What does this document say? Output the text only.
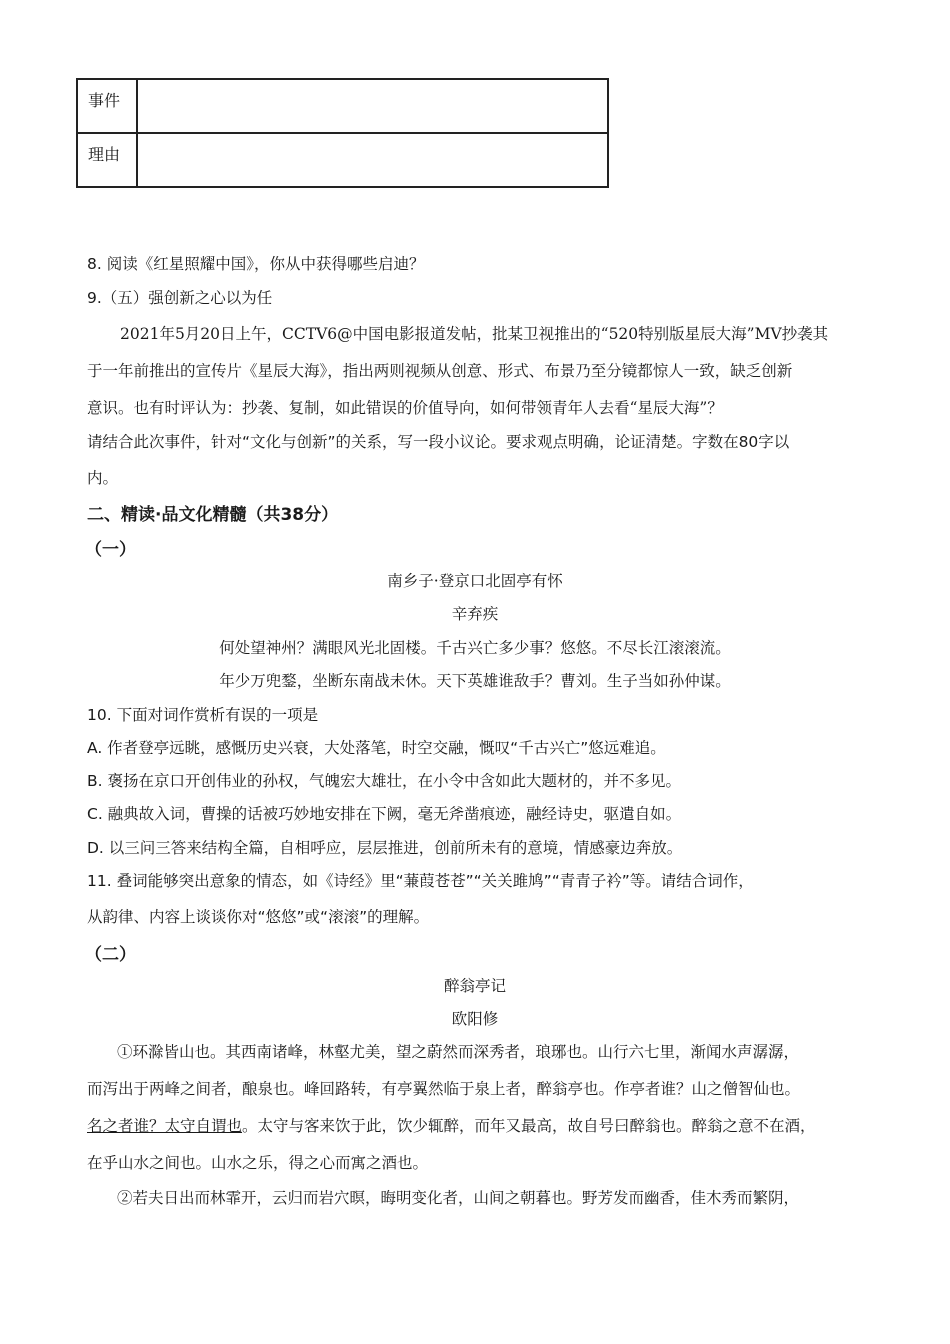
事件	
理由	
8. 阅读《红星照耀中国》，你从中获得哪些启迪？
9.（五）强创新之心以为任
2021年5月20日上午，CCTV6@中国电影报道发帖，批某卫视推出的“520特别版星辰大海”MV抄袭其
于一年前推出的宣传片《星辰大海》，指出两则视频从创意、形式、布景乃至分镜都惊人一致，缺乏创新
意识。也有时评认为：抄袭、复制，如此错误的价值导向，如何带领青年人去看“星辰大海”？
请结合此次事件，针对“文化与创新”的关系，写一段小议论。要求观点明确，论证清楚。字数在80字以
内。
二、精读·品文化精髓（共38分）
（一）
南乡子·登京口北固亭有怀
辛弃疾
何处望神州？满眼风光北固楼。千古兴亡多少事？悠悠。不尽长江滚滚流。
年少万兜鍪，坐断东南战未休。天下英雄谁敌手？曹刘。生子当如孙仲谋。
10. 下面对词作赏析有误的一项是
A. 作者登亭远眺，感慨历史兴衰，大处落笔，时空交融，慨叹“千古兴亡”悠远难追。
B. 褒扬在京口开创伟业的孙权，气魄宏大雄壮，在小令中含如此大题材的，并不多见。
C. 融典故入词，曹操的话被巧妙地安排在下阙，毫无斧凿痕迹，融经诗史，驱遣自如。
D. 以三问三答来结构全篇，自相呼应，层层推进，创前所未有的意境，情感豪边奔放。
11. 叠词能够突出意象的情态，如《诗经》里“蒹葭苍苍”“关关雎鸠”“青青子衿”等。请结合词作，
从韵律、内容上谈谈你对“悠悠”或“滚滚”的理解。
（二）
醉翁亭记
欧阳修
①环滁皆山也。其西南诸峰，林壑尤美，望之蔚然而深秀者，琅琊也。山行六七里，渐闻水声潺潺，
而泻出于两峰之间者，酿泉也。峰回路转，有亭翼然临于泉上者，醉翁亭也。作亭者谁？山之僧智仙也。
名之者谁？太守自谓也。太守与客来饮于此，饮少辄醉，而年又最高，故自号曰醉翁也。醉翁之意不在酒，
在乎山水之间也。山水之乐，得之心而寓之酒也。
②若夫日出而林霏开，云归而岩穴暝，晦明变化者，山间之朝暮也。野芳发而幽香，佳木秀而繁阴，
